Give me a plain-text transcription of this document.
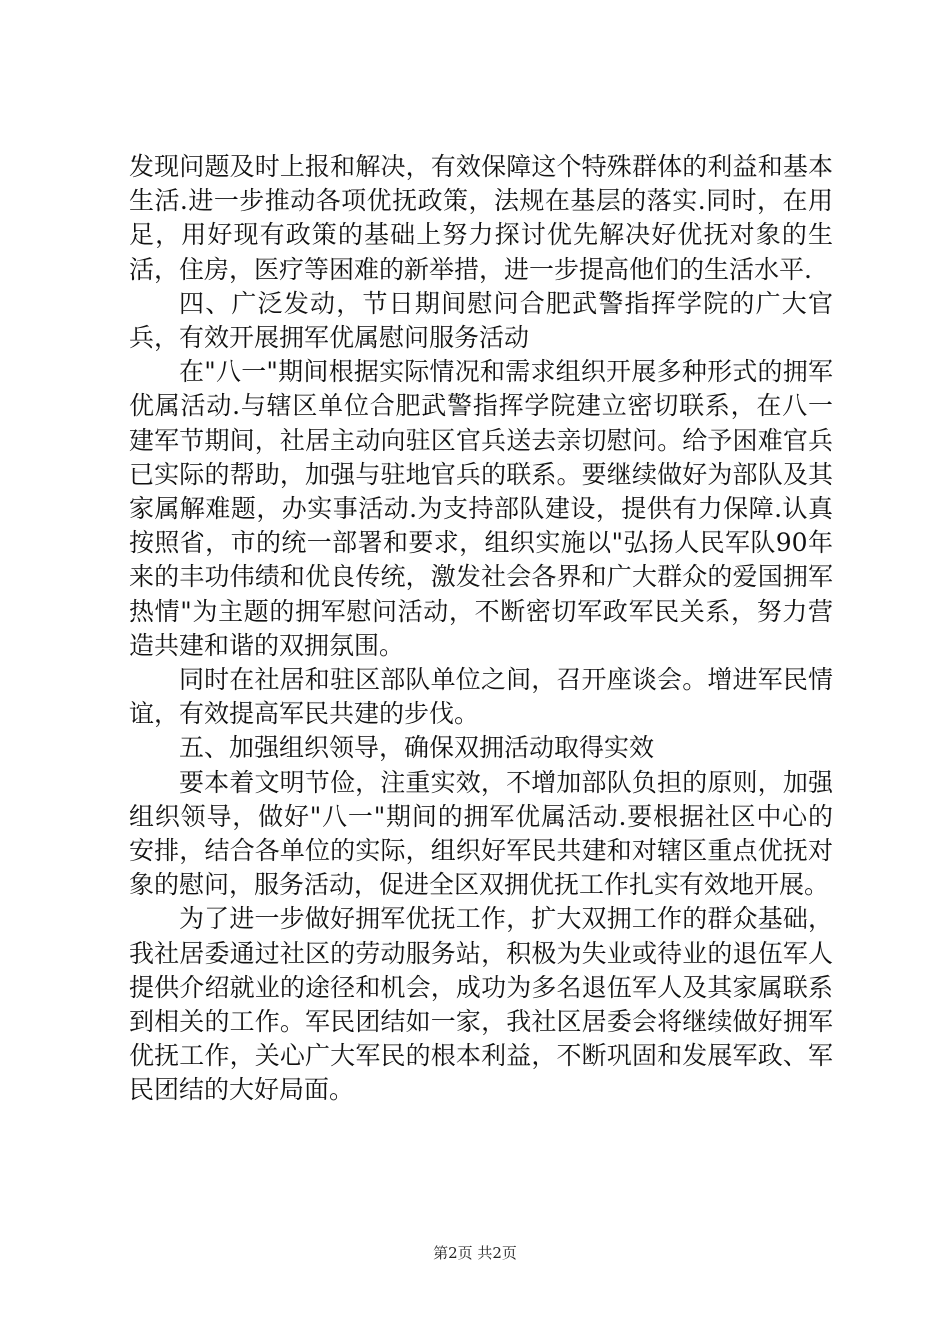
发现问题及时上报和解决，有效保障这个特殊群体的利益和基本生活.进一步推动各项优抚政策，法规在基层的落实.同时，在用足，用好现有政策的基础上努力探讨优先解决好优抚对象的生活，住房，医疗等困难的新举措，进一步提高他们的生活水平.

四、广泛发动，节日期间慰问合肥武警指挥学院的广大官兵，有效开展拥军优属慰问服务活动

在"八一"期间根据实际情况和需求组织开展多种形式的拥军优属活动.与辖区单位合肥武警指挥学院建立密切联系，在八一建军节期间，社居主动向驻区官兵送去亲切慰问。给予困难官兵已实际的帮助，加强与驻地官兵的联系。要继续做好为部队及其家属解难题，办实事活动.为支持部队建设，提供有力保障.认真按照省，市的统一部署和要求，组织实施以"弘扬人民军队90年来的丰功伟绩和优良传统，激发社会各界和广大群众的爱国拥军热情"为主题的拥军慰问活动，不断密切军政军民关系，努力营造共建和谐的双拥氛围。

同时在社居和驻区部队单位之间，召开座谈会。增进军民情谊，有效提高军民共建的步伐。

五、加强组织领导，确保双拥活动取得实效

要本着文明节俭，注重实效，不增加部队负担的原则，加强组织领导，做好"八一"期间的拥军优属活动.要根据社区中心的安排，结合各单位的实际，组织好军民共建和对辖区重点优抚对象的慰问，服务活动，促进全区双拥优抚工作扎实有效地开展。

为了进一步做好拥军优抚工作，扩大双拥工作的群众基础，我社居委通过社区的劳动服务站，积极为失业或待业的退伍军人提供介绍就业的途径和机会，成功为多名退伍军人及其家属联系到相关的工作。军民团结如一家，我社区居委会将继续做好拥军优抚工作，关心广大军民的根本利益，不断巩固和发展军政、军民团结的大好局面。

第2页 共2页
